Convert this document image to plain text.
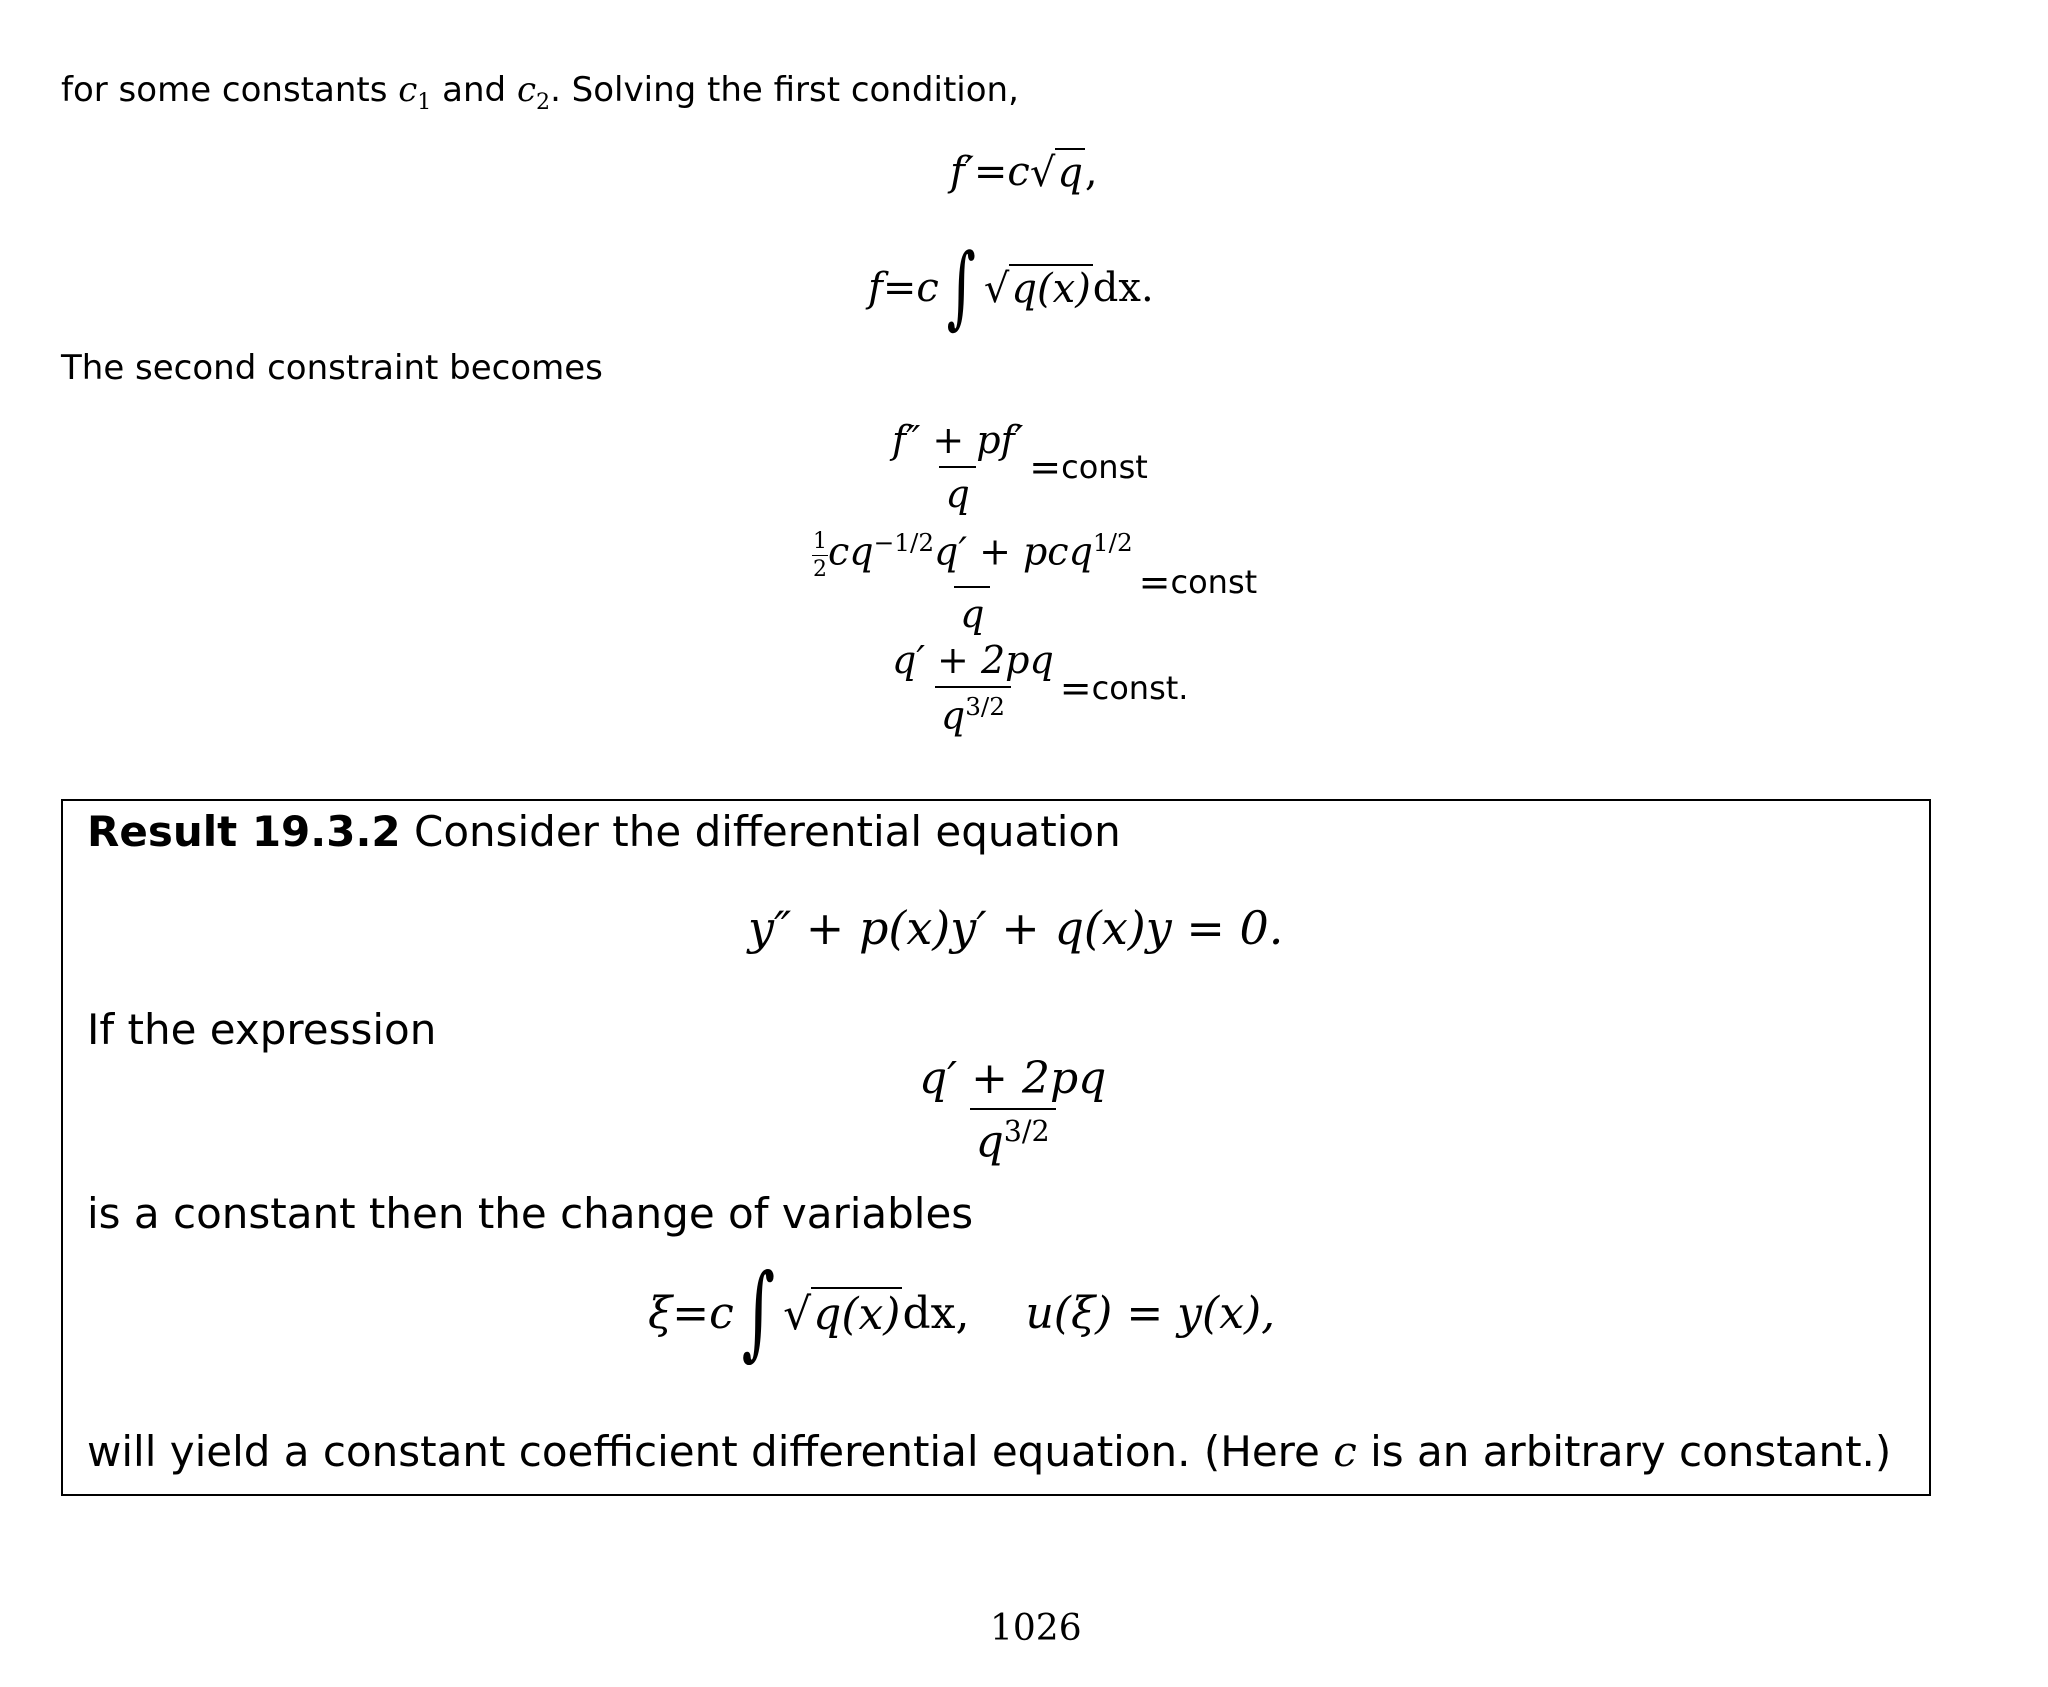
for some constants $c_1$ and $c_2$. Solving the first condition,
f′ = c √ q ,
f = c ∫ √ q(x) dx.
The second constraint becomes
$\frac{f'' + pf'}{q}$ = const
$\frac{\frac{1}{2} cq^{-1/2}q' + pcq^{1/2}}{q}$ = const
$\frac{q' + 2pq}{q^{3/2}}$ = const.
Result 19.3.2 Consider the differential equation
y″ + p(x)y′ + q(x)y = 0.
If the expression
$\frac{q' + 2pq}{q^{3/2}}$
is a constant then the change of variables
ξ = c ∫ √ q(x) dx, u(ξ) = y(x),
will yield a constant coefficient differential equation. (Here c is an arbitrary constant.)
1026
